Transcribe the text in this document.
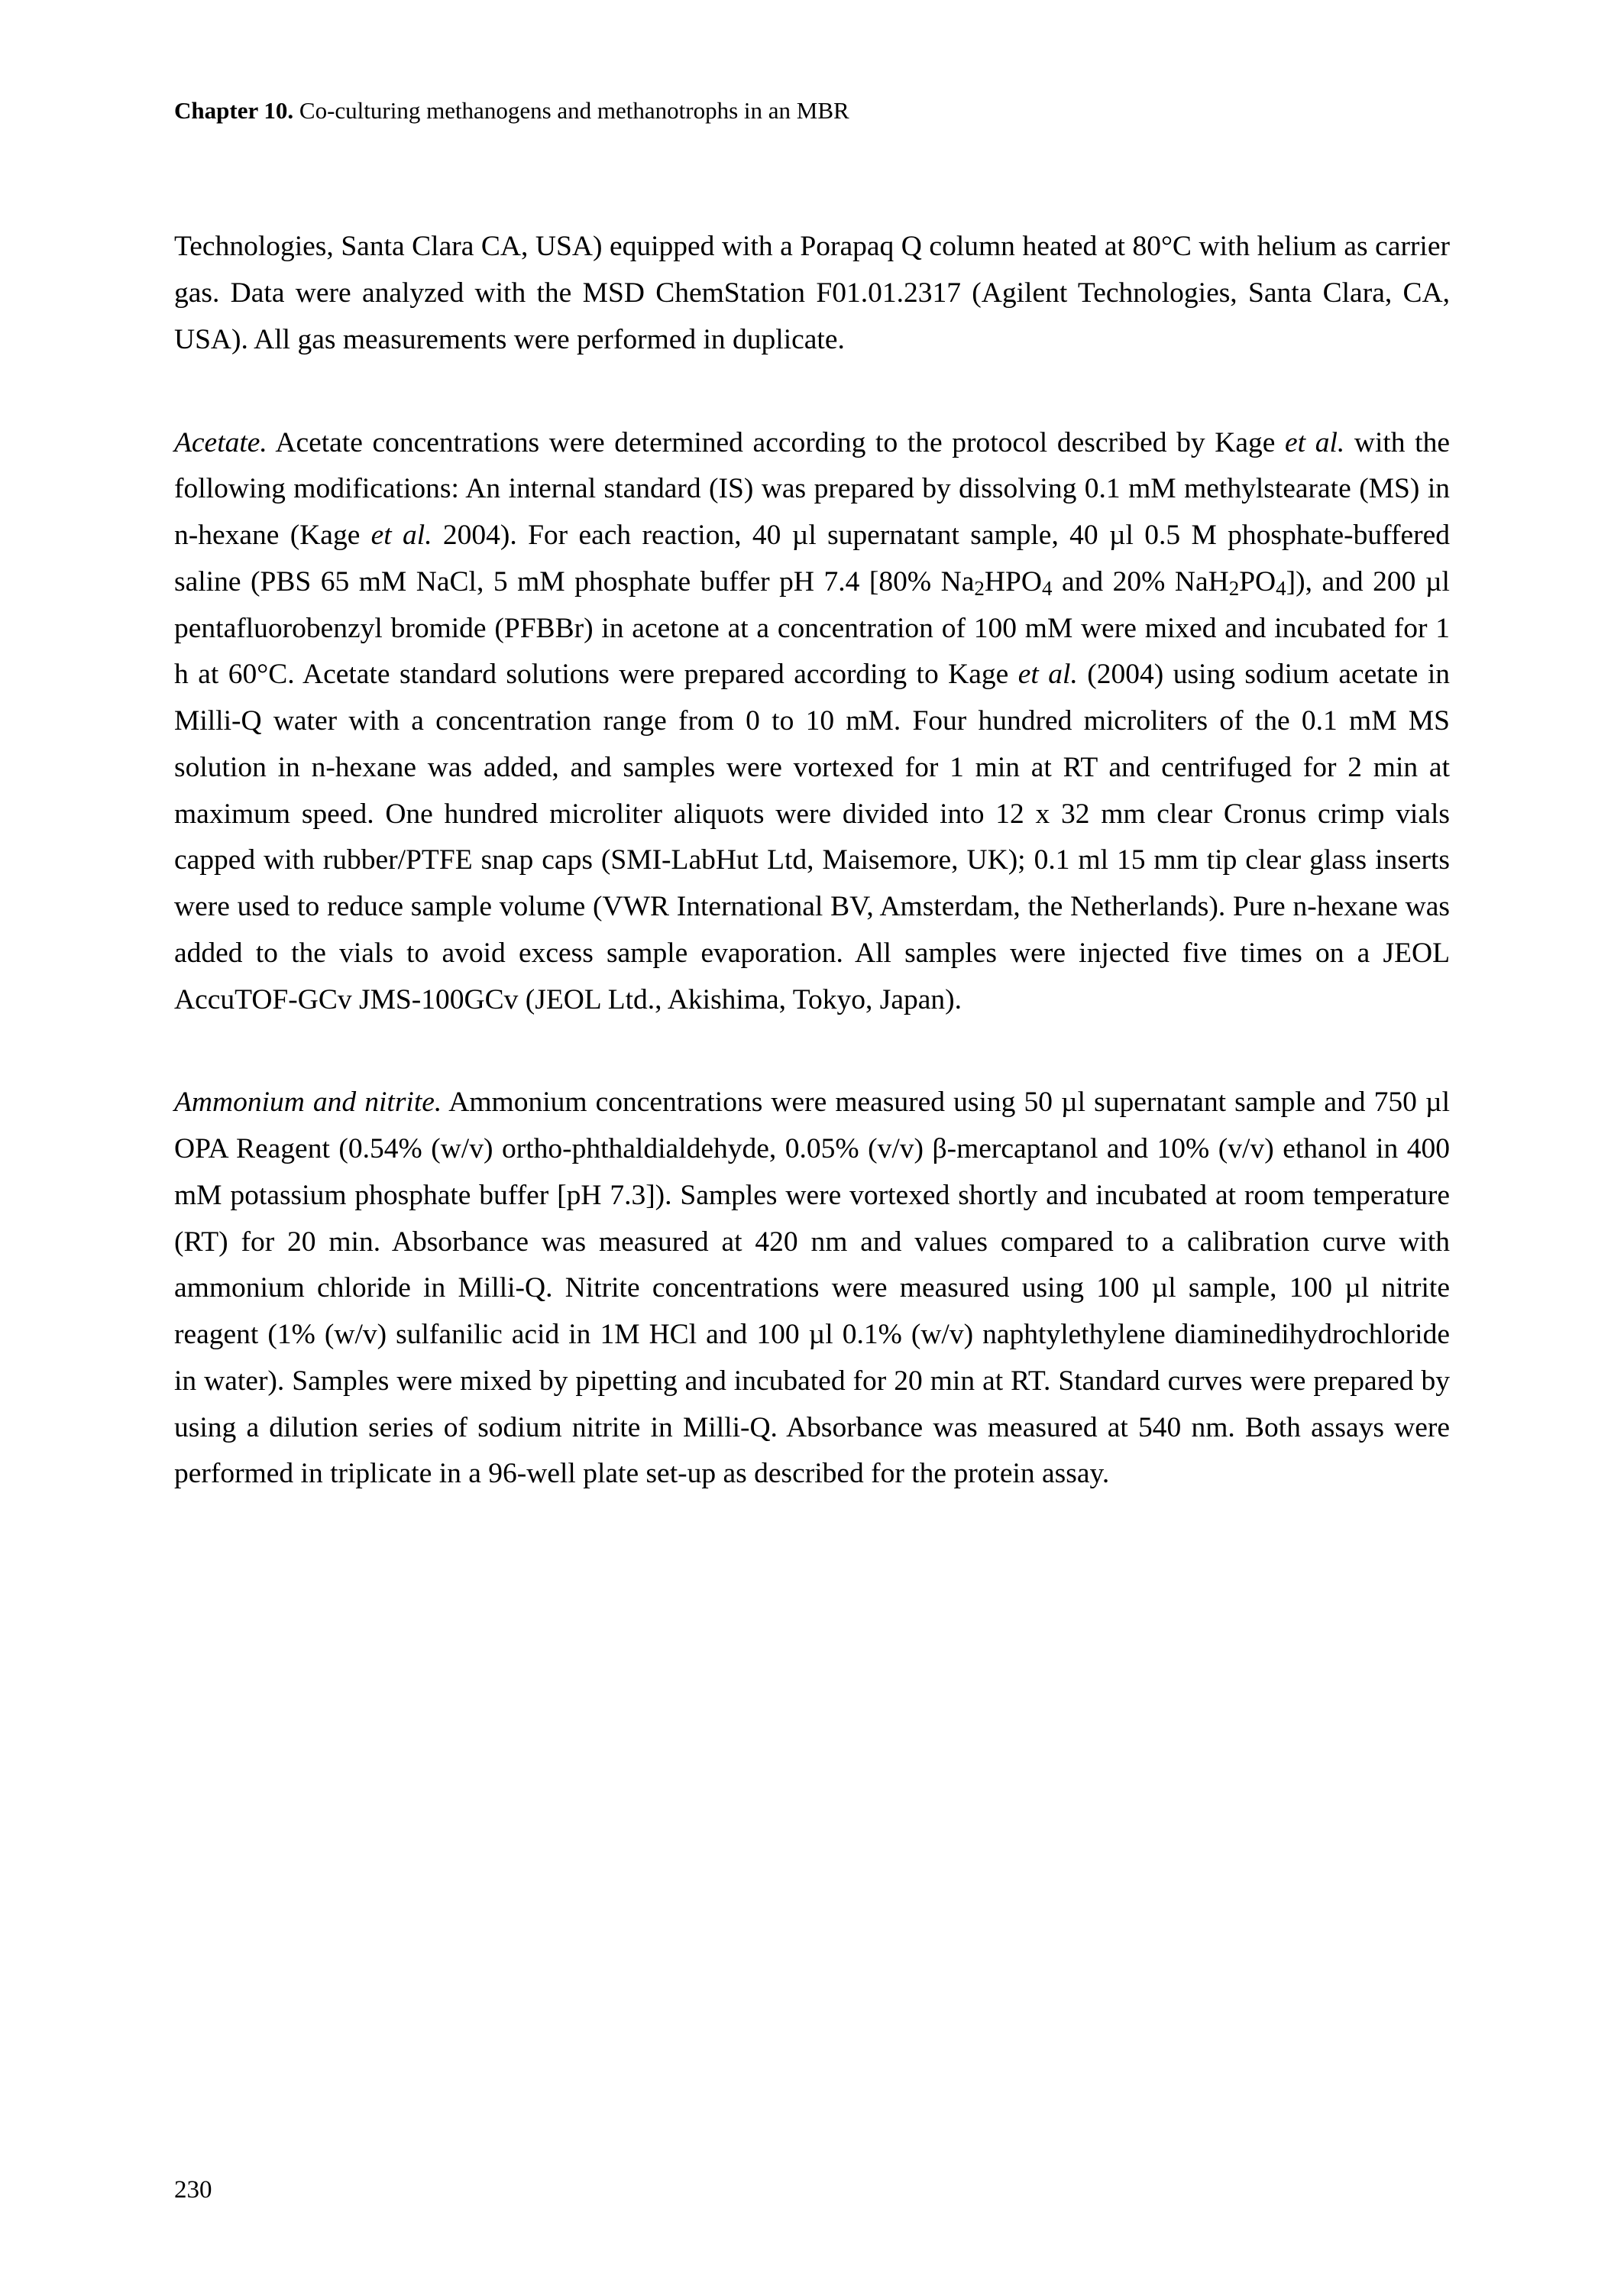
Chapter 10. Co-culturing methanogens and methanotrophs in an MBR

Technologies, Santa Clara CA, USA) equipped with a Porapaq Q column heated at 80°C with helium as carrier gas. Data were analyzed with the MSD ChemStation F01.01.2317 (Agilent Technologies, Santa Clara, CA, USA). All gas measurements were performed in duplicate.

Acetate. Acetate concentrations were determined according to the protocol described by Kage et al. with the following modifications: An internal standard (IS) was prepared by dissolving 0.1 mM methylstearate (MS) in n-hexane (Kage et al. 2004). For each reaction, 40 µl supernatant sample, 40 µl 0.5 M phosphate-buffered saline (PBS 65 mM NaCl, 5 mM phosphate buffer pH 7.4 [80% $Na_2HPO_4$ and 20% $NaH_2PO_4$]), and 200 µl pentafluorobenzyl bromide (PFBBr) in acetone at a concentration of 100 mM were mixed and incubated for 1 h at 60°C. Acetate standard solutions were prepared according to Kage et al. (2004) using sodium acetate in Milli-Q water with a concentration range from 0 to 10 mM. Four hundred microliters of the 0.1 mM MS solution in n-hexane was added, and samples were vortexed for 1 min at RT and centrifuged for 2 min at maximum speed. One hundred microliter aliquots were divided into 12 x 32 mm clear Cronus crimp vials capped with rubber/PTFE snap caps (SMI-LabHut Ltd, Maisemore, UK); 0.1 ml 15 mm tip clear glass inserts were used to reduce sample volume (VWR International BV, Amsterdam, the Netherlands). Pure n-hexane was added to the vials to avoid excess sample evaporation. All samples were injected five times on a JEOL AccuTOF-GCv JMS-100GCv (JEOL Ltd., Akishima, Tokyo, Japan).

Ammonium and nitrite. Ammonium concentrations were measured using 50 µl supernatant sample and 750 µl OPA Reagent (0.54% (w/v) ortho-phthaldialdehyde, 0.05% (v/v) β-mercaptanol and 10% (v/v) ethanol in 400 mM potassium phosphate buffer [pH 7.3]). Samples were vortexed shortly and incubated at room temperature (RT) for 20 min. Absorbance was measured at 420 nm and values compared to a calibration curve with ammonium chloride in Milli-Q. Nitrite concentrations were measured using 100 µl sample, 100 µl nitrite reagent (1% (w/v) sulfanilic acid in 1M HCl and 100 µl 0.1% (w/v) naphtylethylene diaminedihydrochloride in water). Samples were mixed by pipetting and incubated for 20 min at RT. Standard curves were prepared by using a dilution series of sodium nitrite in Milli-Q. Absorbance was measured at 540 nm. Both assays were performed in triplicate in a 96-well plate set-up as described for the protein assay.

230
